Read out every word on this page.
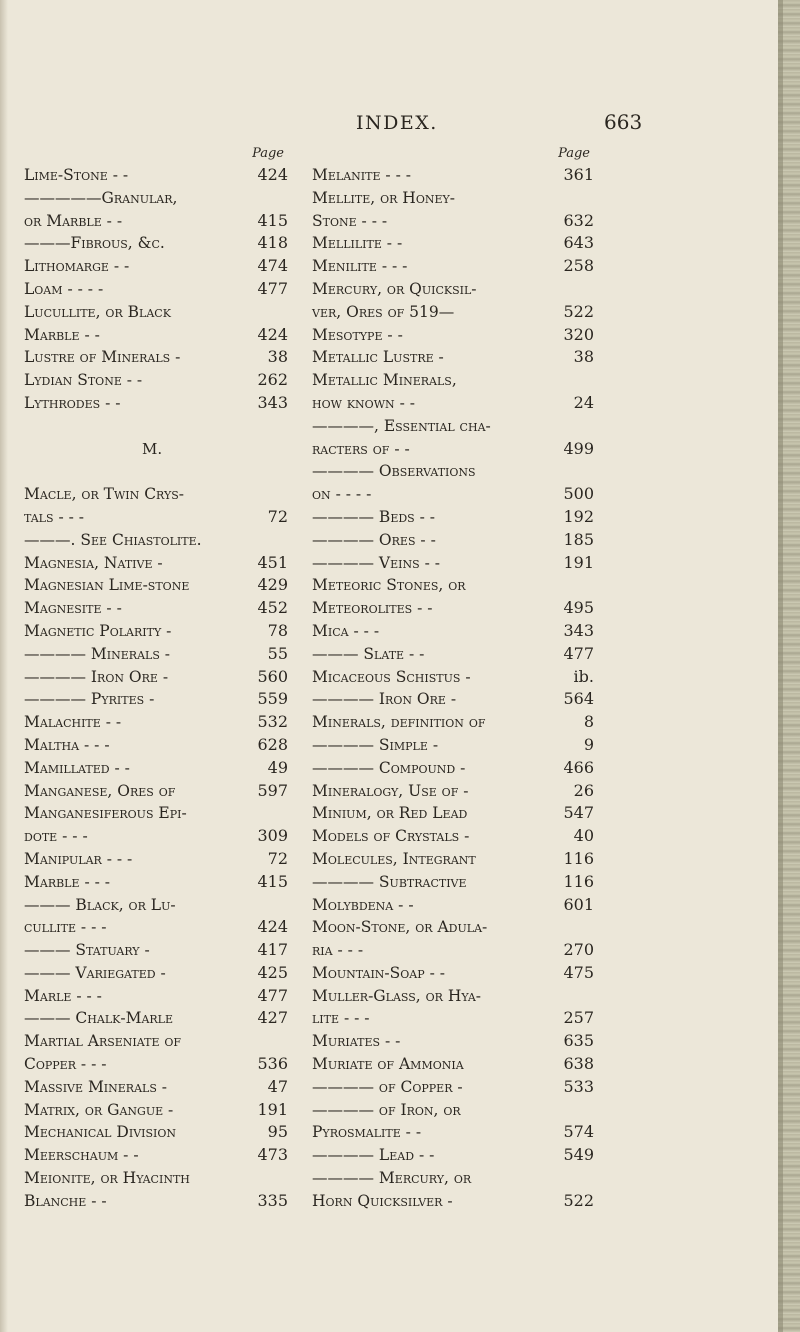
INDEX.	663
Page
Lime-Stone - -	424
—————Granular,
or Marble - -	415
———Fibrous, &c.	418
Lithomarge - -	474
Loam - - - -	477
Lucullite, or Black
Marble - -	424
Lustre of Minerals -	38
Lydian Stone - -	262
Lythrodes - -	343
M.
Macle, or Twin Crys-
tals - - -	72
———. See Chiastolite.
Magnesia, Native -	451
Magnesian Lime-stone	429
Magnesite - -	452
Magnetic Polarity -	78
———— Minerals -	55
———— Iron Ore -	560
———— Pyrites -	559
Malachite - -	532
Maltha - - -	628
Mamillated - -	49
Manganese, Ores of	597
Manganesiferous Epi-
dote - - -	309
Manipular - - -	72
Marble - - -	415
——— Black, or Lu-
cullite - - -	424
——— Statuary -	417
——— Variegated -	425
Marle - - -	477
——— Chalk-Marle	427
Martial Arseniate of
Copper - - -	536
Massive Minerals -	47
Matrix, or Gangue -	191
Mechanical Division	95
Meerschaum - -	473
Meionite, or Hyacinth
Blanche - -	335
Page
Melanite - - -	361
Mellite, or Honey-
Stone - - -	632
Mellilite - -	643
Menilite - - -	258
Mercury, or Quicksil-
ver, Ores of 519—	522
Mesotype - -	320
Metallic Lustre -	38
Metallic Minerals,
how known - -	24
————, Essential cha-
racters of - -	499
———— Observations
on - - - -	500
———— Beds - -	192
———— Ores - -	185
———— Veins - -	191
Meteoric Stones, or
Meteorolites - -	495
Mica - - -	343
——— Slate - -	477
Micaceous Schistus -	ib.
———— Iron Ore -	564
Minerals, definition of	8
———— Simple -	9
———— Compound -	466
Mineralogy, Use of -	26
Minium, or Red Lead	547
Models of Crystals -	40
Molecules, Integrant	116
———— Subtractive	116
Molybdena - -	601
Moon-Stone, or Adula-
ria - - -	270
Mountain-Soap - -	475
Muller-Glass, or Hya-
lite - - -	257
Muriates - -	635
Muriate of Ammonia	638
———— of Copper -	533
———— of Iron, or
Pyrosmalite - -	574
———— Lead - -	549
———— Mercury, or
Horn Quicksilver -	522
